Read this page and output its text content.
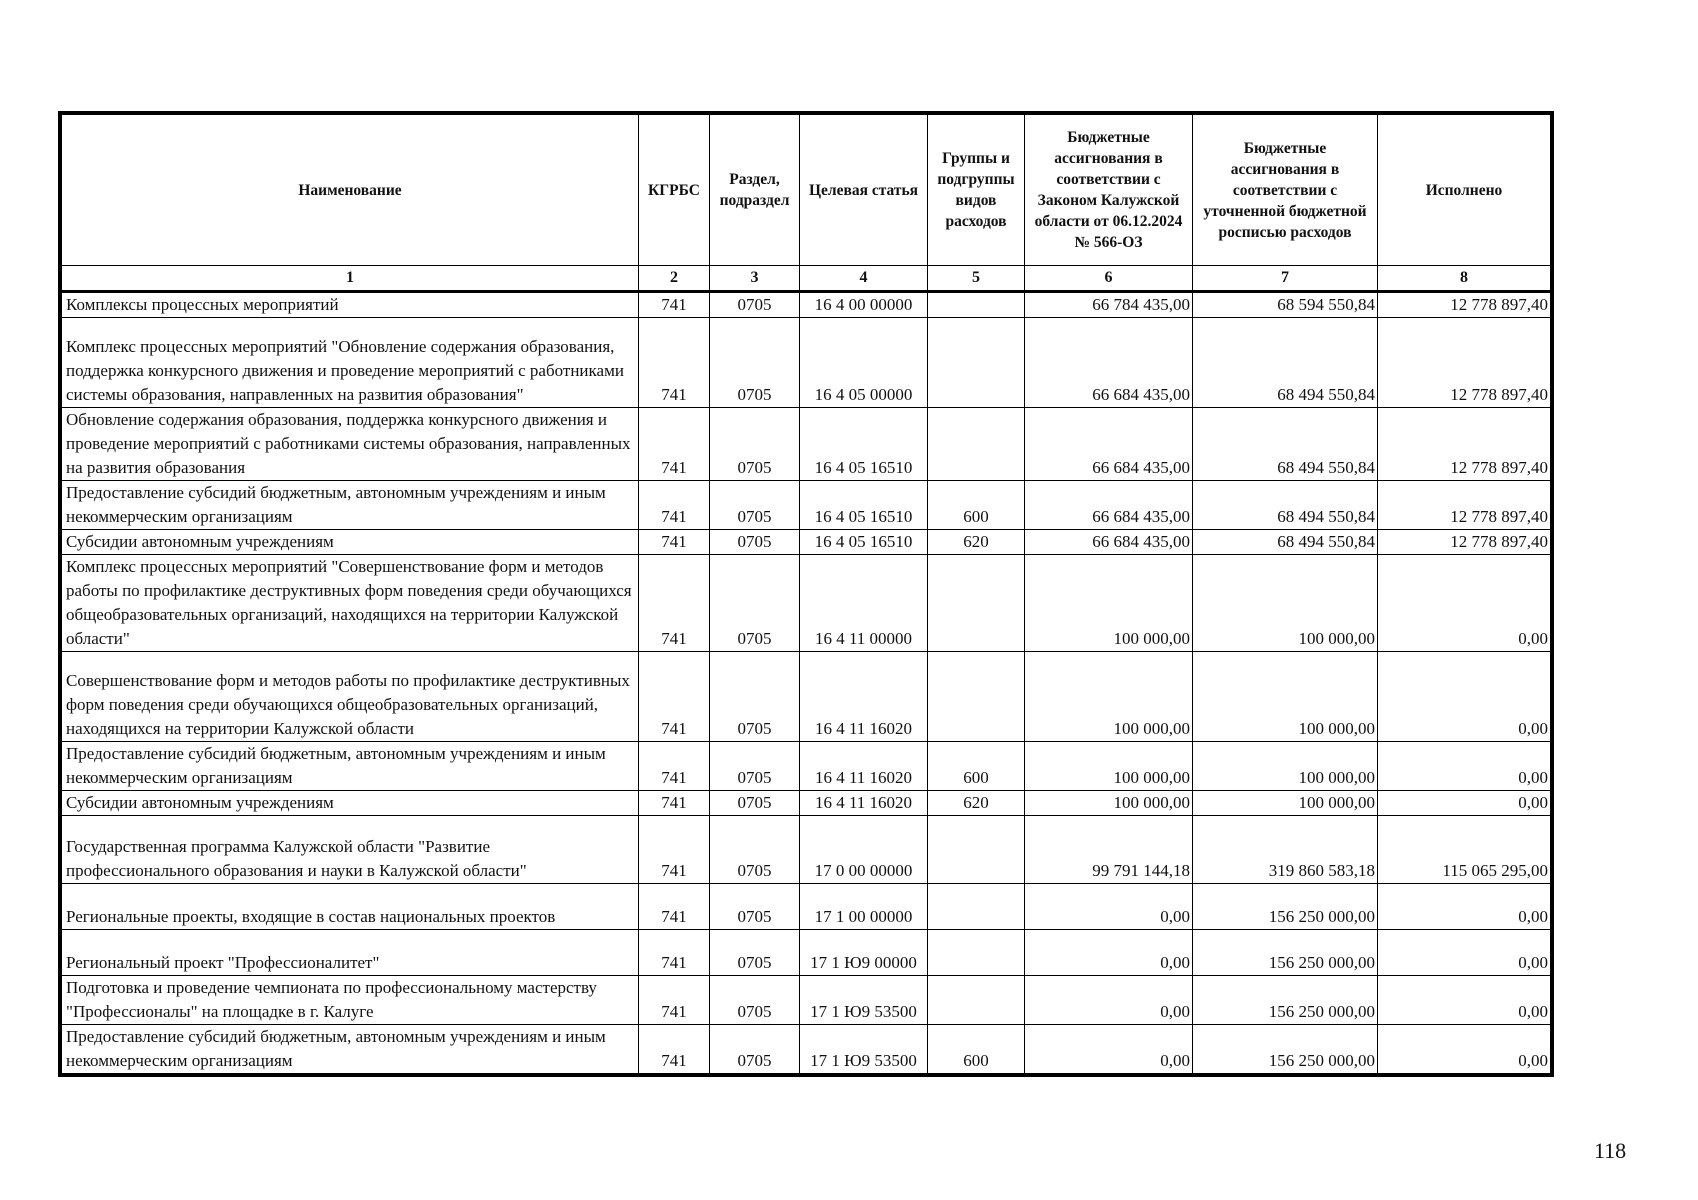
Наименование	КГРБС	Раздел, подраздел	Целевая статья	Группы и подгруппы видов расходов	Бюджетные ассигнования в соответствии с Законом Калужской области от 06.12.2024 № 566-ОЗ	Бюджетные ассигнования в соответствии с уточненной бюджетной росписью расходов	Исполнено
1	2	3	4	5	6	7	8
Комплексы процессных мероприятий	741	0705	16 4 00 00000		66 784 435,00	68 594 550,84	12 778 897,40
Комплекс процессных мероприятий "Обновление содержания образования, поддержка конкурсного движения и проведение мероприятий с работниками системы образования, направленных на развития образования"	741	0705	16 4 05 00000		66 684 435,00	68 494 550,84	12 778 897,40
Обновление содержания образования, поддержка конкурсного движения и проведение мероприятий с работниками системы образования, направленных на развития образования	741	0705	16 4 05 16510		66 684 435,00	68 494 550,84	12 778 897,40
Предоставление субсидий бюджетным, автономным учреждениям и иным некоммерческим организациям	741	0705	16 4 05 16510	600	66 684 435,00	68 494 550,84	12 778 897,40
Субсидии автономным учреждениям	741	0705	16 4 05 16510	620	66 684 435,00	68 494 550,84	12 778 897,40
Комплекс процессных мероприятий "Совершенствование форм и методов работы по профилактике деструктивных форм поведения среди обучающихся общеобразовательных организаций, находящихся на территории Калужской области"	741	0705	16 4 11 00000		100 000,00	100 000,00	0,00
Совершенствование форм и методов работы по профилактике деструктивных форм поведения среди обучающихся общеобразовательных организаций, находящихся на территории Калужской области	741	0705	16 4 11 16020		100 000,00	100 000,00	0,00
Предоставление субсидий бюджетным, автономным учреждениям и иным некоммерческим организациям	741	0705	16 4 11 16020	600	100 000,00	100 000,00	0,00
Субсидии автономным учреждениям	741	0705	16 4 11 16020	620	100 000,00	100 000,00	0,00
Государственная программа Калужской области "Развитие профессионального образования и науки в Калужской области"	741	0705	17 0 00 00000		99 791 144,18	319 860 583,18	115 065 295,00
Региональные проекты, входящие в состав национальных проектов	741	0705	17 1 00 00000		0,00	156 250 000,00	0,00
Региональный проект "Профессионалитет"	741	0705	17 1 Ю9 00000		0,00	156 250 000,00	0,00
Подготовка и проведение чемпионата по профессиональному мастерству "Профессионалы" на площадке в г. Калуге	741	0705	17 1 Ю9 53500		0,00	156 250 000,00	0,00
Предоставление субсидий бюджетным, автономным учреждениям и иным некоммерческим организациям	741	0705	17 1 Ю9 53500	600	0,00	156 250 000,00	0,00
118
